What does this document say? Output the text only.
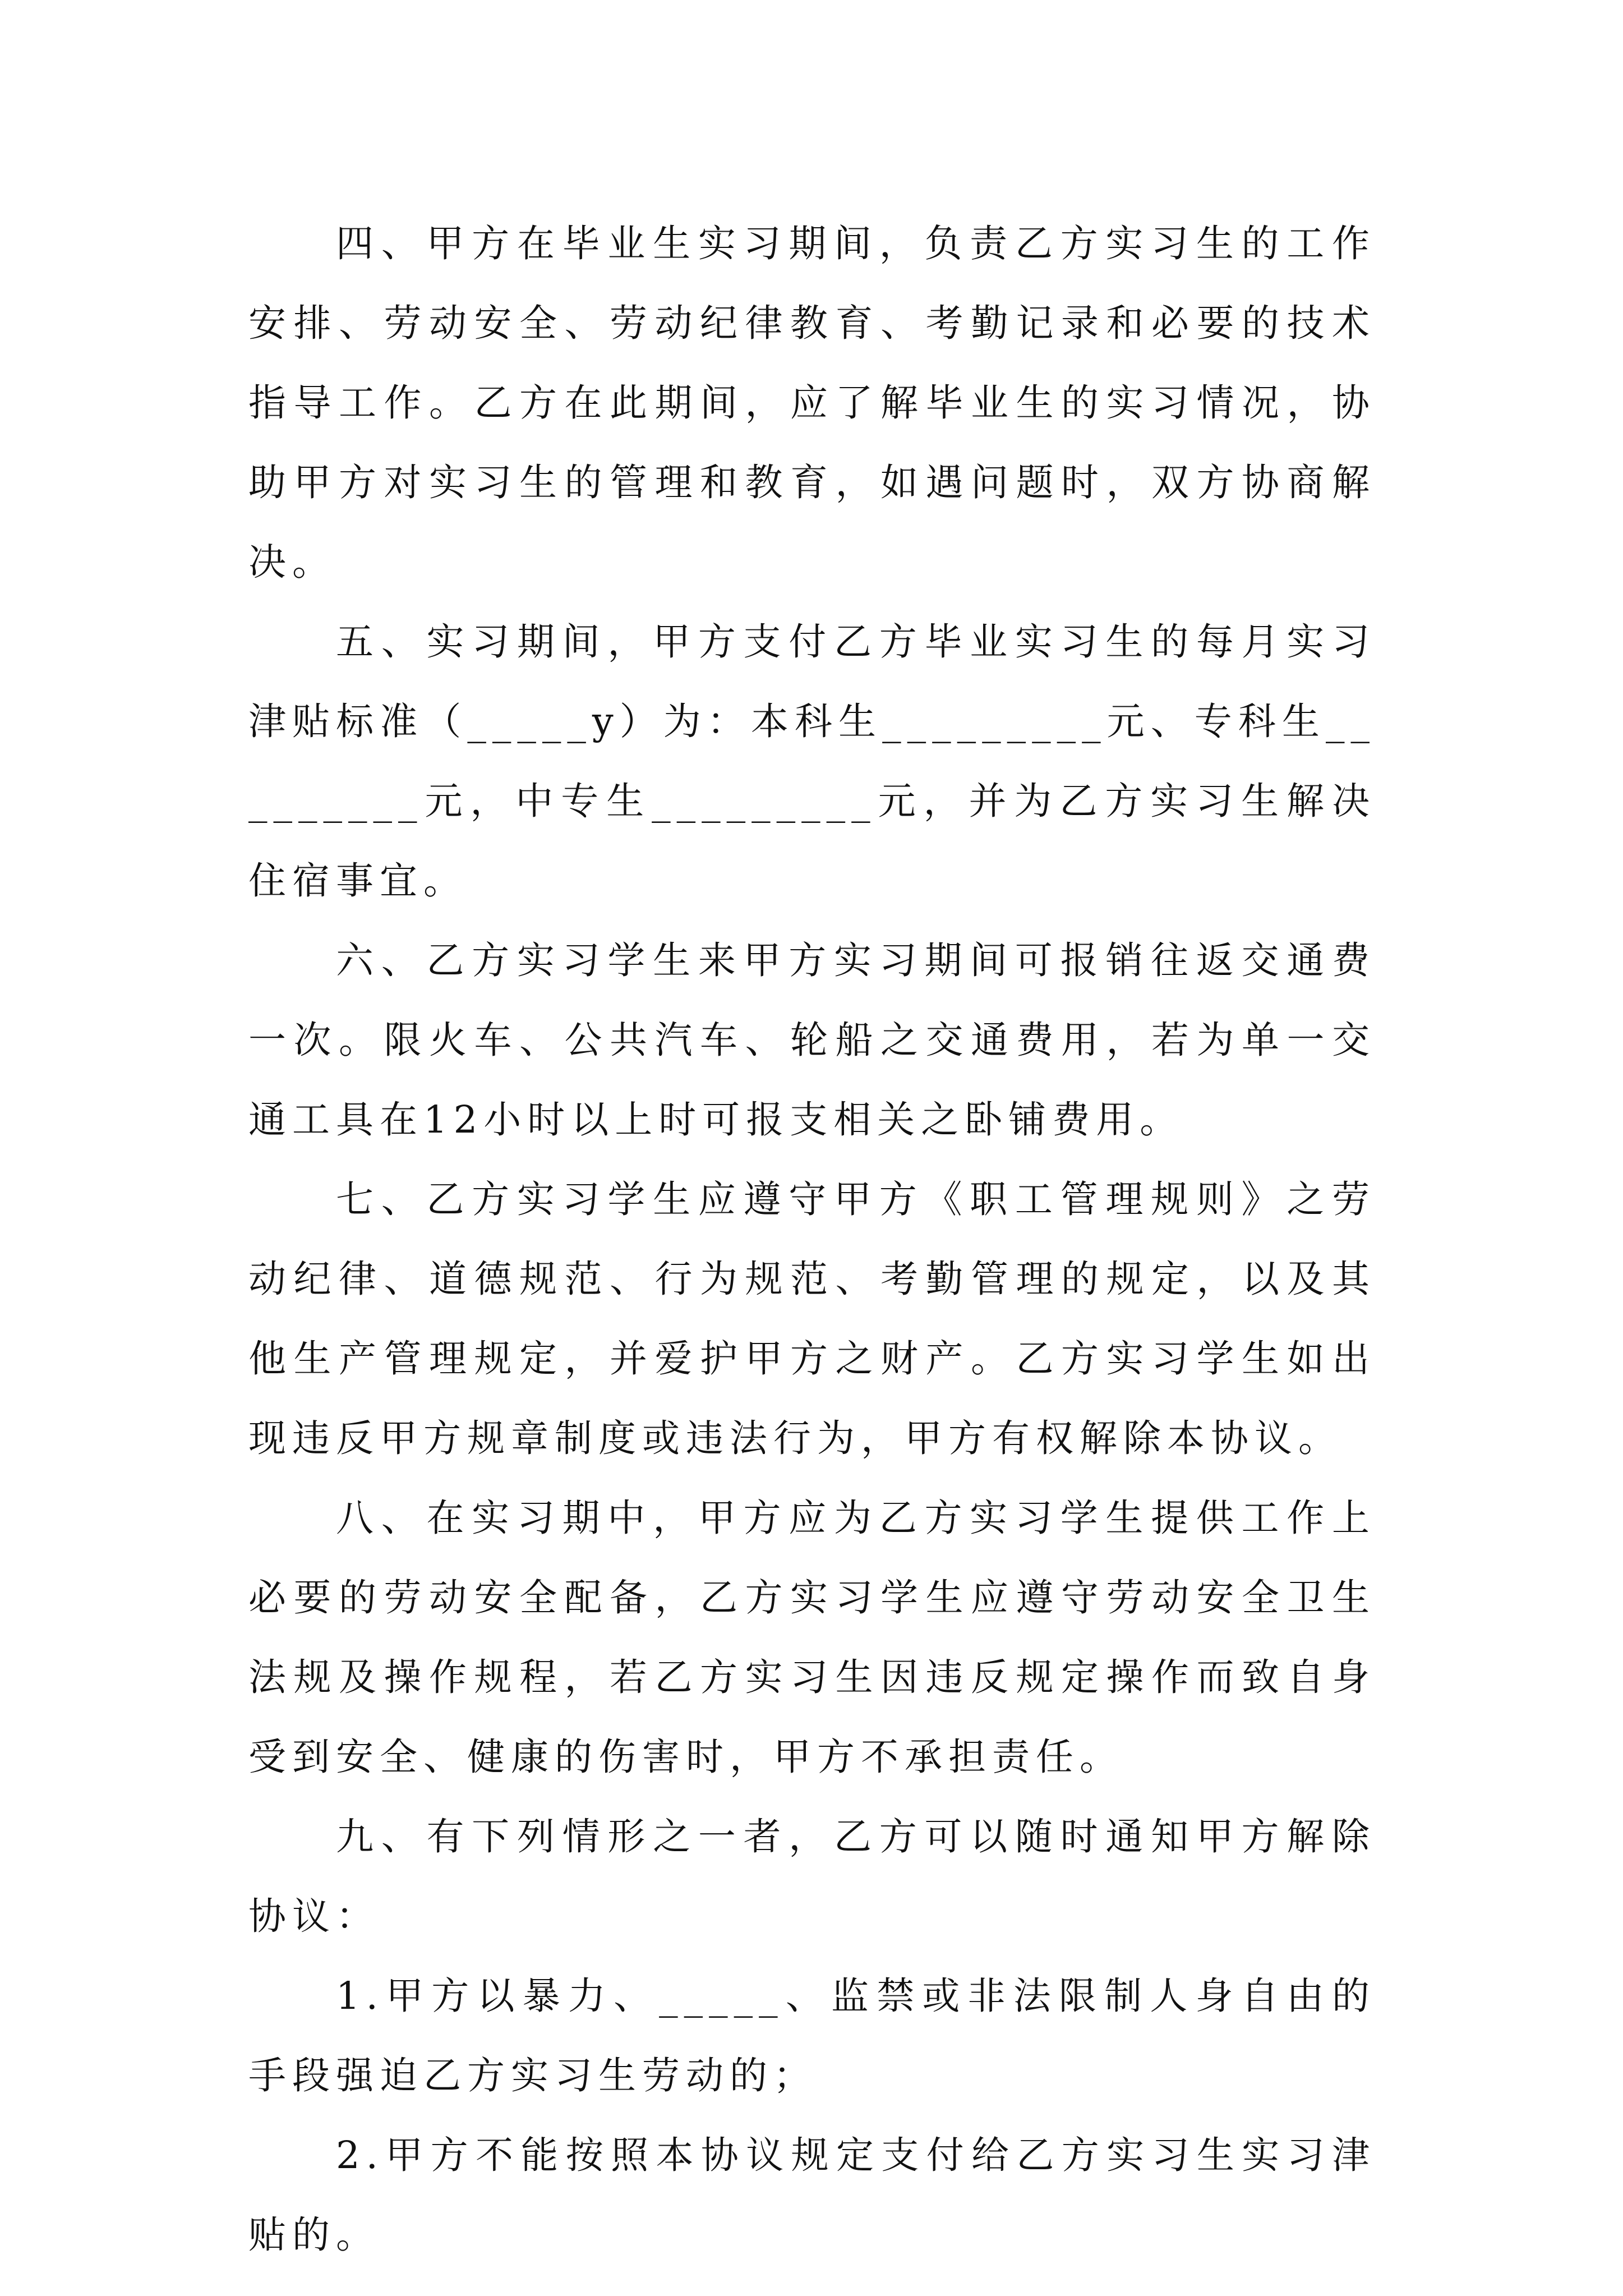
四、甲方在毕业生实习期间，负责乙方实习生的工作安排、劳动安全、劳动纪律教育、考勤记录和必要的技术指导工作。乙方在此期间，应了解毕业生的实习情况，协助甲方对实习生的管理和教育，如遇问题时，双方协商解决。

五、实习期间，甲方支付乙方毕业实习生的每月实习津贴标准（_____y）为：本科生_________元、专科生_________元，中专生_________元，并为乙方实习生解决住宿事宜。

六、乙方实习学生来甲方实习期间可报销往返交通费一次。限火车、公共汽车、轮船之交通费用，若为单一交通工具在12小时以上时可报支相关之卧铺费用。

七、乙方实习学生应遵守甲方《职工管理规则》之劳动纪律、道德规范、行为规范、考勤管理的规定，以及其他生产管理规定，并爱护甲方之财产。乙方实习学生如出现违反甲方规章制度或违法行为，甲方有权解除本协议。

八、在实习期中，甲方应为乙方实习学生提供工作上必要的劳动安全配备，乙方实习学生应遵守劳动安全卫生法规及操作规程，若乙方实习生因违反规定操作而致自身受到安全、健康的伤害时，甲方不承担责任。

九、有下列情形之一者，乙方可以随时通知甲方解除协议：

1.甲方以暴力、_____、监禁或非法限制人身自由的手段强迫乙方实习生劳动的；

2.甲方不能按照本协议规定支付给乙方实习生实习津贴的。
